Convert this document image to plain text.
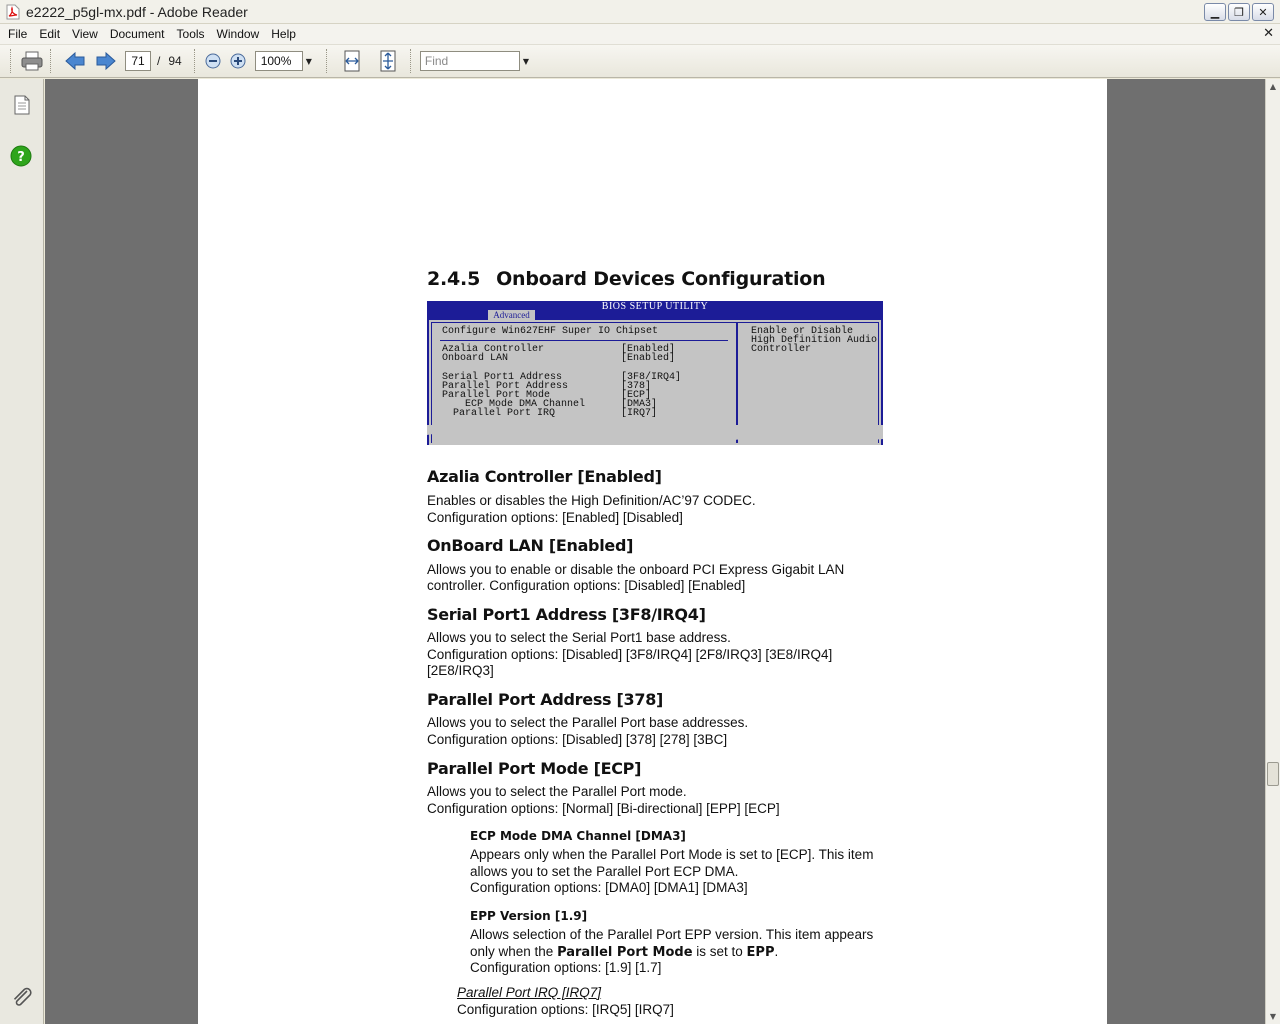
e2222_p5gl-mx.pdf - Adobe Reader	▁ ❐ ✕
File	Edit	View	Document	Tools	Window	Help	✕
71	/ 94	100%	▼	Find	▼
?
2.4.5 Onboard Devices Configuration
BIOS SETUP UTILITY
Advanced
Configure Win627EHF Super IO Chipset
Azalia Controller	[Enabled]
Onboard LAN	[Enabled]
Serial Port1 Address	[3F8/IRQ4]
Parallel Port Address	[378]
Parallel Port Mode	[ECP]
ECP Mode DMA Channel	[DMA3]
Parallel Port IRQ	[IRQ7]
Enable or Disable
High Definition Audio
Controller
Azalia Controller [Enabled]
Enables or disables the High Definition/AC’97 CODEC.
Configuration options: [Enabled] [Disabled]
OnBoard LAN [Enabled]
Allows you to enable or disable the onboard PCI Express Gigabit LAN
controller. Configuration options: [Disabled] [Enabled]
Serial Port1 Address [3F8/IRQ4]
Allows you to select the Serial Port1 base address.
Configuration options: [Disabled] [3F8/IRQ4] [2F8/IRQ3] [3E8/IRQ4]
[2E8/IRQ3]
Parallel Port Address [378]
Allows you to select the Parallel Port base addresses.
Configuration options: [Disabled] [378] [278] [3BC]
Parallel Port Mode [ECP]
Allows you to select the Parallel Port mode.
Configuration options: [Normal] [Bi-directional] [EPP] [ECP]
ECP Mode DMA Channel [DMA3]
Appears only when the Parallel Port Mode is set to [ECP]. This item
allows you to set the Parallel Port ECP DMA.
Configuration options: [DMA0] [DMA1] [DMA3]
EPP Version [1.9]
Allows selection of the Parallel Port EPP version. This item appears
only when the Parallel Port Mode is set to EPP.
Configuration options: [1.9] [1.7]
Parallel Port IRQ [IRQ7]
Configuration options: [IRQ5] [IRQ7]
▲
▼
